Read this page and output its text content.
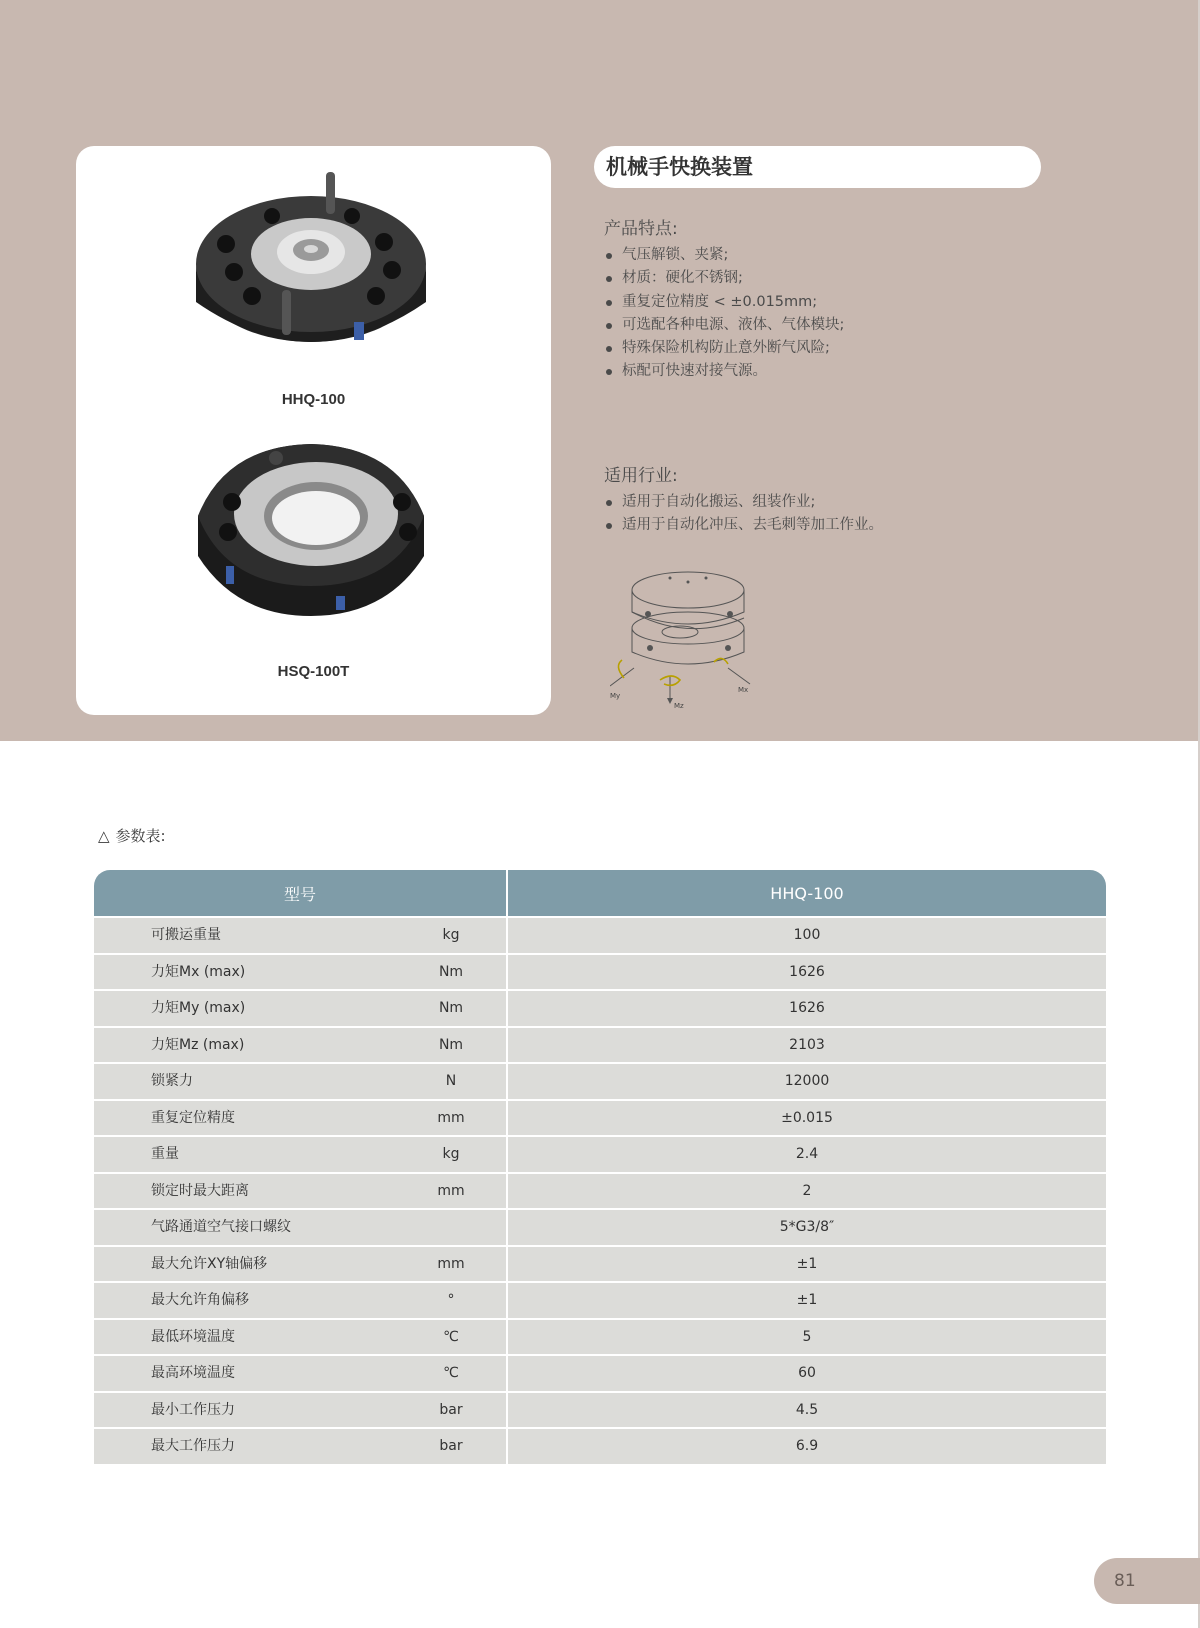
HHQ-100
HSQ-100T
机械手快换装置
产品特点:
气压解锁、夹紧;
材质：硬化不锈钢;
重复定位精度 < ±0.015mm;
可选配各种电源、液体、气体模块;
特殊保险机构防止意外断气风险;
标配可快速对接气源。
适用行业:
适用于自动化搬运、组装作业;
适用于自动化冲压、去毛刺等加工作业。
My
Mz
Mx
△ 参数表:
型号	HHQ-100
可搬运重量	kg	100
力矩Mx (max)	Nm	1626
力矩My (max)	Nm	1626
力矩Mz (max)	Nm	2103
锁紧力	N	12000
重复定位精度	mm	±0.015
重量	kg	2.4
锁定时最大距离	mm	2
气路通道空气接口螺纹	5*G3/8″
最大允许XY轴偏移	mm	±1
最大允许角偏移	°	±1
最低环境温度	℃	5
最高环境温度	℃	60
最小工作压力	bar	4.5
最大工作压力	bar	6.9
81
